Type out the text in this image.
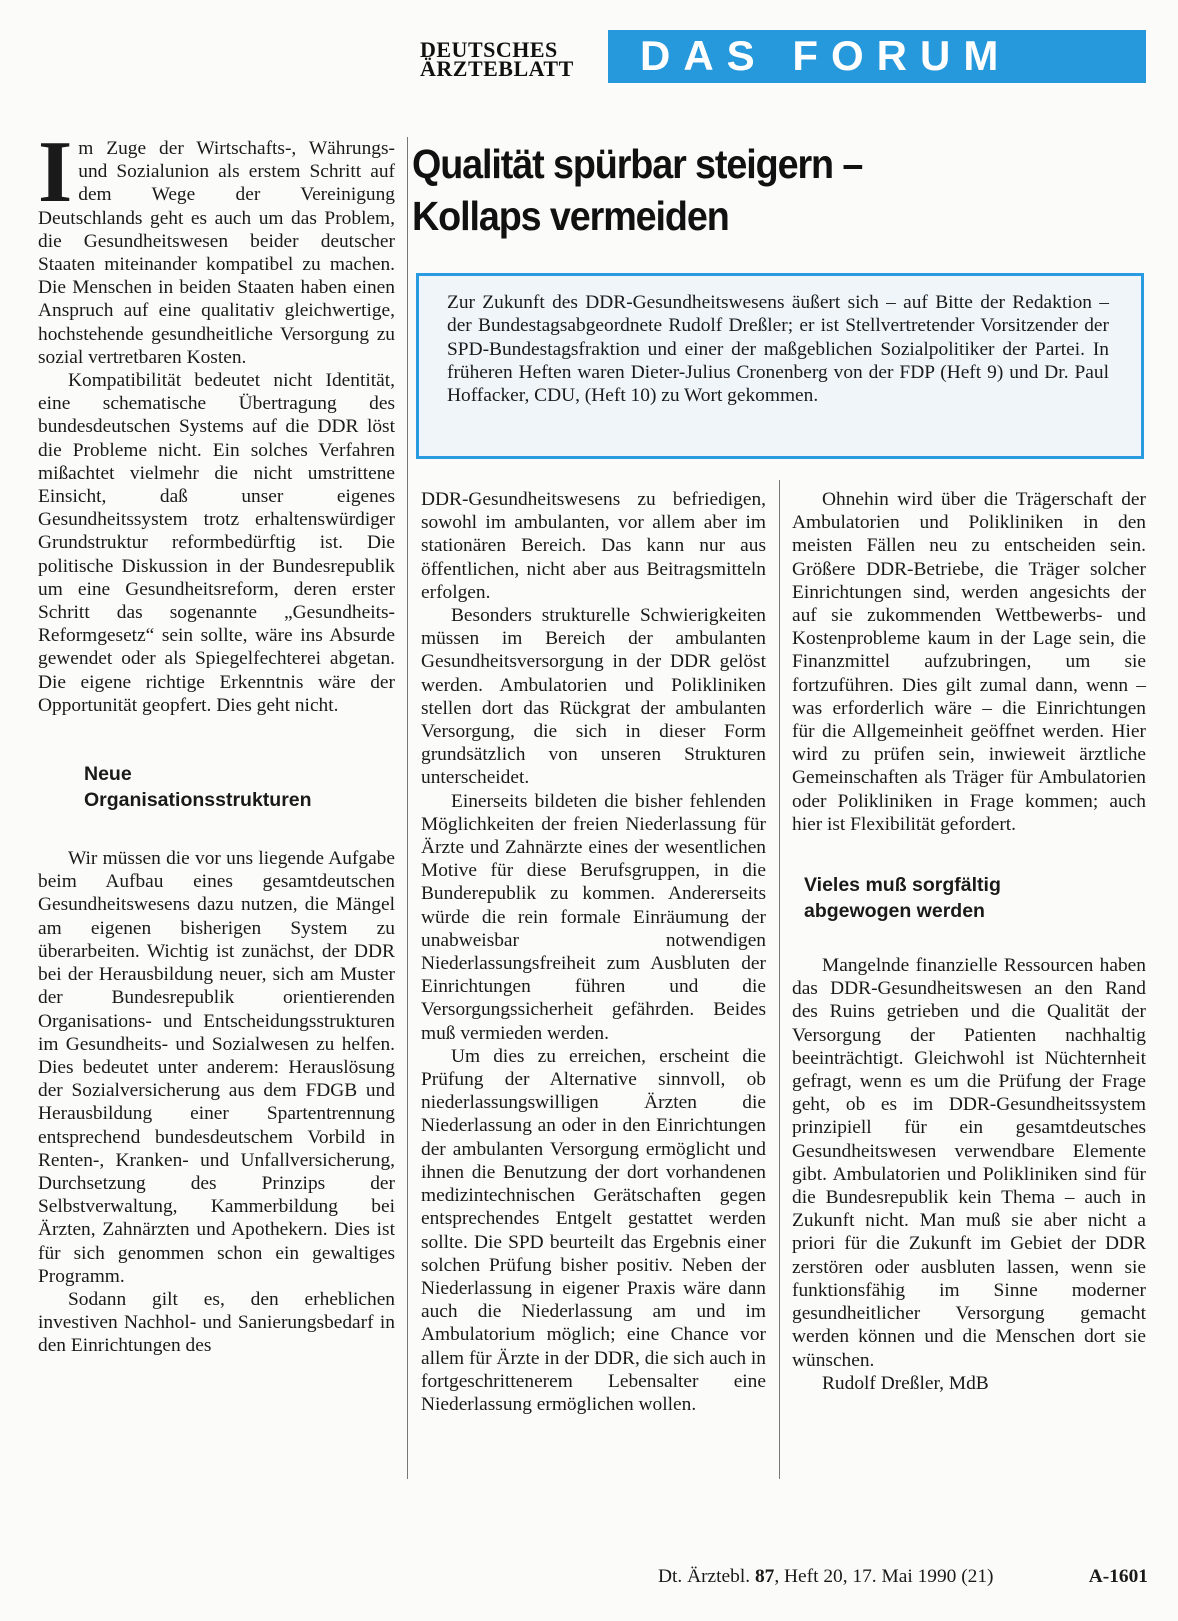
DEUTSCHES
ÄRZTEBLATT DAS FORUM
Qualität spürbar steigern –
Kollaps vermeiden

Zur Zukunft des DDR-Gesundheitswesens äußert sich – auf Bitte der Redaktion – der Bundestagsabgeordnete Rudolf Dreßler; er ist Stellvertretender Vorsitzender der SPD-Bundestagsfraktion und einer der maßgeblichen Sozialpolitiker der Partei. In früheren Heften waren Dieter-Julius Cronenberg von der FDP (Heft 9) und Dr. Paul Hoffacker, CDU, (Heft 10) zu Wort gekommen.

Im Zuge der Wirtschafts-, Währungs- und Sozialunion als erstem Schritt auf dem Wege der Vereinigung Deutschlands geht es auch um das Problem, die Gesundheitswesen beider deutscher Staaten miteinander kompatibel zu machen. Die Menschen in beiden Staaten haben einen Anspruch auf eine qualitativ gleichwertige, hochstehende gesundheitliche Versorgung zu sozial vertretbaren Kosten.

Kompatibilität bedeutet nicht Identität, eine schematische Übertragung des bundesdeutschen Systems auf die DDR löst die Probleme nicht. Ein solches Verfahren mißachtet vielmehr die nicht umstrittene Einsicht, daß unser eigenes Gesundheitssystem trotz erhaltenswürdiger Grundstruktur reformbedürftig ist. Die politische Diskussion in der Bundesrepublik um eine Gesundheitsreform, deren erster Schritt das sogenannte „Gesundheits-Reformgesetz“ sein sollte, wäre ins Absurde gewendet oder als Spiegelfechterei abgetan. Die eigene richtige Erkenntnis wäre der Opportunität geopfert. Dies geht nicht.

Neue
Organisationsstrukturen

Wir müssen die vor uns liegende Aufgabe beim Aufbau eines gesamtdeutschen Gesundheitswesens dazu nutzen, die Mängel am eigenen bisherigen System zu überarbeiten. Wichtig ist zunächst, der DDR bei der Herausbildung neuer, sich am Muster der Bundesrepublik orientierenden Organisations- und Entscheidungsstrukturen im Gesundheits- und Sozialwesen zu helfen. Dies bedeutet unter anderem: Herauslösung der Sozialversicherung aus dem FDGB und Herausbildung einer Spartentrennung entsprechend bundesdeutschem Vorbild in Renten-, Kranken- und Unfallversicherung, Durchsetzung des Prinzips der Selbstverwaltung, Kammerbildung bei Ärzten, Zahnärzten und Apothekern. Dies ist für sich genommen schon ein gewaltiges Programm.

Sodann gilt es, den erheblichen investiven Nachhol- und Sanierungsbedarf in den Einrichtungen des

DDR-Gesundheitswesens zu befriedigen, sowohl im ambulanten, vor allem aber im stationären Bereich. Das kann nur aus öffentlichen, nicht aber aus Beitragsmitteln erfolgen.

Besonders strukturelle Schwierigkeiten müssen im Bereich der ambulanten Gesundheitsversorgung in der DDR gelöst werden. Ambulatorien und Polikliniken stellen dort das Rückgrat der ambulanten Versorgung, die sich in dieser Form grundsätzlich von unseren Strukturen unterscheidet.

Einerseits bildeten die bisher fehlenden Möglichkeiten der freien Niederlassung für Ärzte und Zahnärzte eines der wesentlichen Motive für diese Berufsgruppen, in die Bunderepublik zu kommen. Andererseits würde die rein formale Einräumung der unabweisbar notwendigen Niederlassungsfreiheit zum Ausbluten der Einrichtungen führen und die Versorgungssicherheit gefährden. Beides muß vermieden werden.

Um dies zu erreichen, erscheint die Prüfung der Alternative sinnvoll, ob niederlassungswilligen Ärzten die Niederlassung an oder in den Einrichtungen der ambulanten Versorgung ermöglicht und ihnen die Benutzung der dort vorhandenen medizintechnischen Gerätschaften gegen entsprechendes Entgelt gestattet werden sollte. Die SPD beurteilt das Ergebnis einer solchen Prüfung bisher positiv. Neben der Niederlassung in eigener Praxis wäre dann auch die Niederlassung am und im Ambulatorium möglich; eine Chance vor allem für Ärzte in der DDR, die sich auch in fortgeschrittenerem Lebensalter eine Niederlassung ermöglichen wollen.

Ohnehin wird über die Trägerschaft der Ambulatorien und Polikliniken in den meisten Fällen neu zu entscheiden sein. Größere DDR-Betriebe, die Träger solcher Einrichtungen sind, werden angesichts der auf sie zukommenden Wettbewerbs- und Kostenprobleme kaum in der Lage sein, die Finanzmittel aufzubringen, um sie fortzuführen. Dies gilt zumal dann, wenn – was erforderlich wäre – die Einrichtungen für die Allgemeinheit geöffnet werden. Hier wird zu prüfen sein, inwieweit ärztliche Gemeinschaften als Träger für Ambulatorien oder Polikliniken in Frage kommen; auch hier ist Flexibilität gefordert.

Vieles muß sorgfältig
abgewogen werden

Mangelnde finanzielle Ressourcen haben das DDR-Gesundheitswesen an den Rand des Ruins getrieben und die Qualität der Versorgung der Patienten nachhaltig beeinträchtigt. Gleichwohl ist Nüchternheit gefragt, wenn es um die Prüfung der Frage geht, ob es im DDR-Gesundheitssystem prinzipiell für ein gesamtdeutsches Gesundheitswesen verwendbare Elemente gibt. Ambulatorien und Polikliniken sind für die Bundesrepublik kein Thema – auch in Zukunft nicht. Man muß sie aber nicht a priori für die Zukunft im Gebiet der DDR zerstören oder ausbluten lassen, wenn sie funktionsfähig im Sinne moderner gesundheitlicher Versorgung gemacht werden können und die Menschen dort sie wünschen.

Rudolf Dreßler, MdB

Dt. Ärztebl. 87, Heft 20, 17. Mai 1990 (21)	A-1601
